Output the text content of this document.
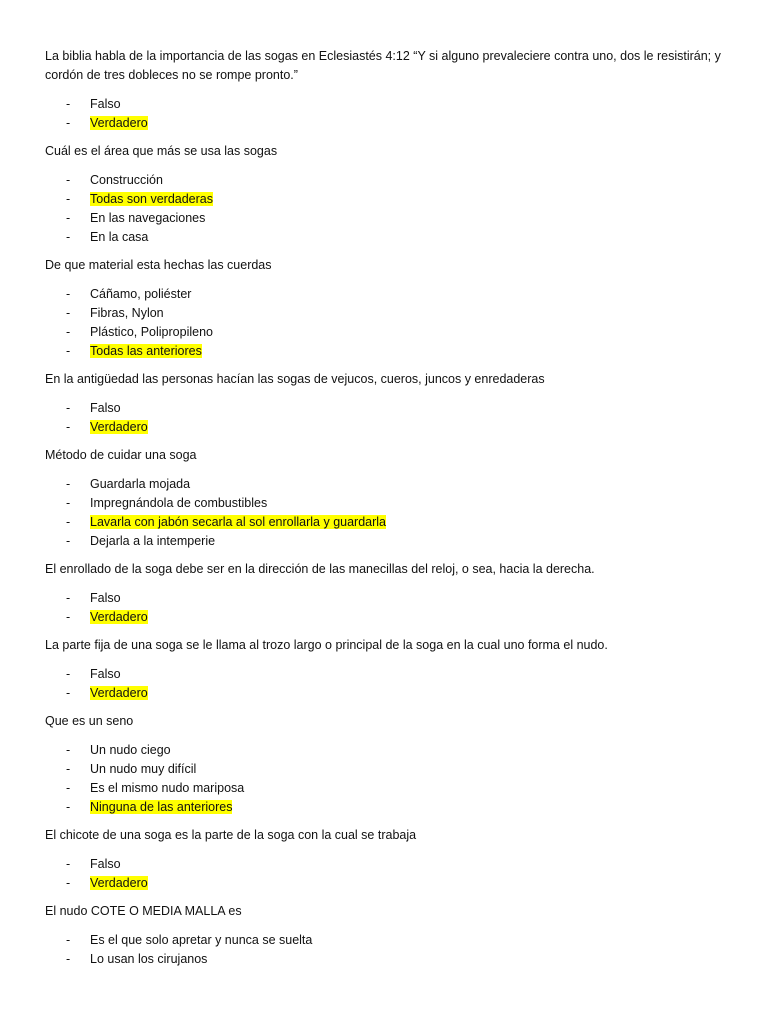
La biblia habla de la importancia de las sogas en Eclesiastés 4:12 “Y si alguno prevaleciere contra uno, dos le resistirán; y cordón de tres dobleces no se rompe pronto.”

- Falso
- Verdadero

Cuál es el área que más se usa las sogas

- Construcción
- Todas son verdaderas
- En las navegaciones
- En la casa

De que material esta hechas las cuerdas

- Cáñamo, poliéster
- Fibras, Nylon
- Plástico, Polipropileno
- Todas las anteriores

En la antigüedad las personas hacían las sogas de vejucos, cueros, juncos y enredaderas

- Falso
- Verdadero

Método de cuidar una soga

- Guardarla mojada
- Impregnándola de combustibles
- Lavarla con jabón secarla al sol enrollarla y guardarla
- Dejarla a la intemperie

El enrollado de la soga debe ser en la dirección de las manecillas del reloj, o sea, hacia la derecha.

- Falso
- Verdadero

La parte fija de una soga se le llama al trozo largo o principal de la soga en la cual uno forma el nudo.

- Falso
- Verdadero

Que es un seno

- Un nudo ciego
- Un nudo muy difícil
- Es el mismo nudo mariposa
- Ninguna de las anteriores

El chicote de una soga es la parte de la soga con la cual se trabaja

- Falso
- Verdadero

El nudo COTE O MEDIA MALLA es

- Es el que solo apretar y nunca se suelta
- Lo usan los cirujanos
